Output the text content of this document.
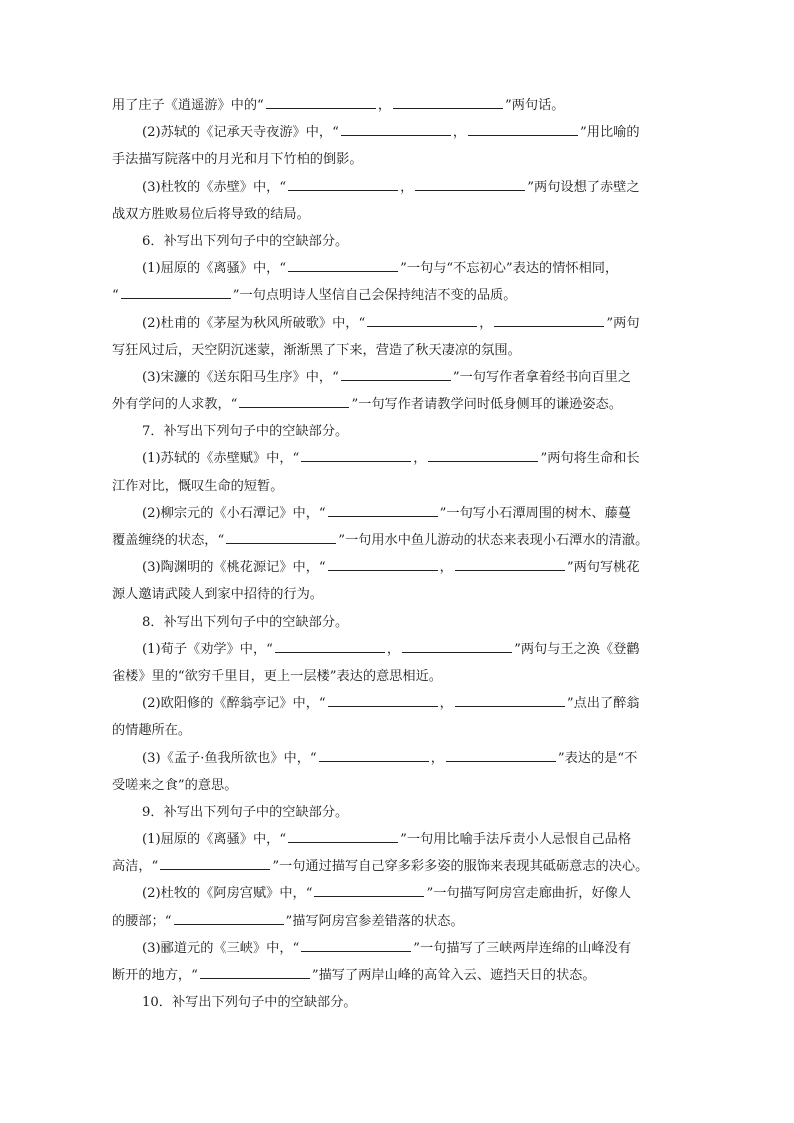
用了庄子《逍遥游》中的“	，	”两句话。
(2)苏轼的《记承天寺夜游》中，“	，	”用比喻的
手法描写院落中的月光和月下竹柏的倒影。
(3)杜牧的《赤壁》中，“	，	”两句设想了赤壁之
战双方胜败易位后将导致的结局。
6．补写出下列句子中的空缺部分。
(1)屈原的《离骚》中，“	”一句与“不忘初心”表达的情怀相同，
“	”一句点明诗人坚信自己会保持纯洁不变的品质。
(2)杜甫的《茅屋为秋风所破歌》中，“	，	”两句
写狂风过后，天空阴沉迷蒙，渐渐黑了下来，营造了秋天凄凉的氛围。
(3)宋濂的《送东阳马生序》中，“	”一句写作者拿着经书向百里之
外有学问的人求教，“	”一句写作者请教学问时低身侧耳的谦逊姿态。
7．补写出下列句子中的空缺部分。
(1)苏轼的《赤壁赋》中，“	，	”两句将生命和长
江作对比，慨叹生命的短暂。
(2)柳宗元的《小石潭记》中，“	”一句写小石潭周围的树木、藤蔓
覆盖缠绕的状态，“	”一句用水中鱼儿游动的状态来表现小石潭水的清澈。
(3)陶渊明的《桃花源记》中，“	，	”两句写桃花
源人邀请武陵人到家中招待的行为。
8．补写出下列句子中的空缺部分。
(1)荀子《劝学》中，“	，	”两句与王之涣《登鹳
雀楼》里的“欲穷千里目，更上一层楼”表达的意思相近。
(2)欧阳修的《醉翁亭记》中，“	，	”点出了醉翁
的情趣所在。
(3)《孟子·鱼我所欲也》中，“	，	”表达的是“不
受嗟来之食”的意思。
9．补写出下列句子中的空缺部分。
(1)屈原的《离骚》中，“	”一句用比喻手法斥责小人忌恨自己品格
高洁，“	”一句通过描写自己穿多彩多姿的服饰来表现其砥砺意志的决心。
(2)杜牧的《阿房宫赋》中，“	”一句描写阿房宫走廊曲折，好像人
的腰部；“	”描写阿房宫参差错落的状态。
(3)郦道元的《三峡》中，“	”一句描写了三峡两岸连绵的山峰没有
断开的地方，“	”描写了两岸山峰的高耸入云、遮挡天日的状态。
10．补写出下列句子中的空缺部分。
